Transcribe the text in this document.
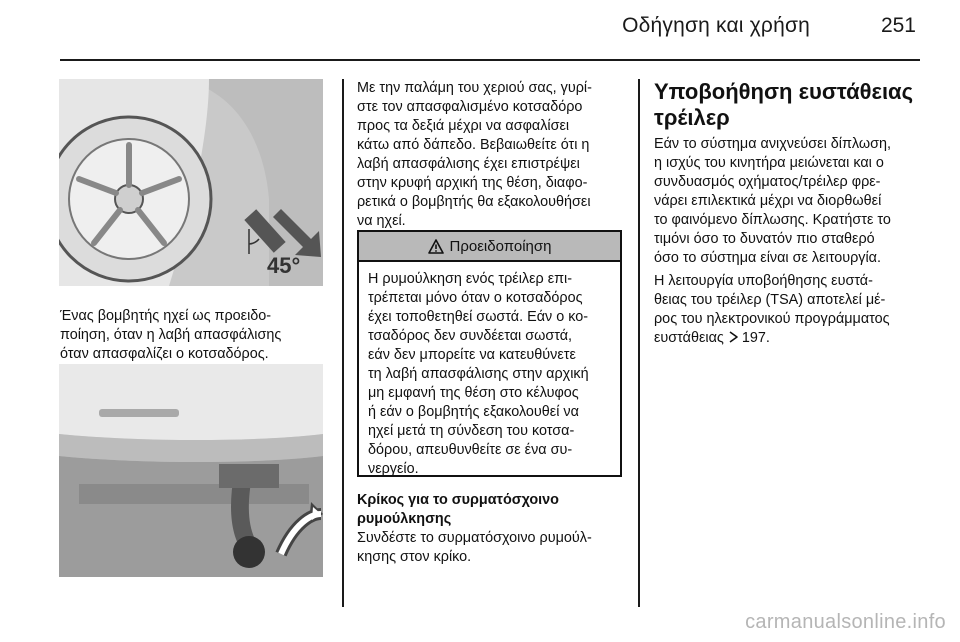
Οδήγηση και χρήση	251
45°
Ένας βομβητής ηχεί ως προειδο-
ποίηση, όταν η λαβή απασφάλισης
όταν απασφαλίζει ο κοτσαδόρος.
Με την παλάμη του χεριού σας, γυρί-
στε τον απασφαλισμένο κοτσαδόρο
προς τα δεξιά μέχρι να ασφαλίσει
κάτω από δάπεδο. Βεβαιωθείτε ότι η
λαβή απασφάλισης έχει επιστρέψει
στην κρυφή αρχική της θέση, διαφο-
ρετικά ο βομβητής θα εξακολουθήσει
να ηχεί.
Προειδοποίηση
Η ρυμούλκηση ενός τρέιλερ επι-
τρέπεται μόνο όταν ο κοτσαδόρος
έχει τοποθετηθεί σωστά. Εάν ο κο-
τσαδόρος δεν συνδέεται σωστά,
εάν δεν μπορείτε να κατευθύνετε
τη λαβή απασφάλισης στην αρχική
μη εμφανή της θέση στο κέλυφος
ή εάν ο βομβητής εξακολουθεί να
ηχεί μετά τη σύνδεση του κοτσα-
δόρου, απευθυνθείτε σε ένα συ-
νεργείο.
Κρίκος για το συρματόσχοινο
ρυμούλκησης
Συνδέστε το συρματόσχοινο ρυμούλ-
κησης στον κρίκο.
Υποβοήθηση ευστάθειας
τρέιλερ
Εάν το σύστημα ανιχνεύσει δίπλωση,
η ισχύς του κινητήρα μειώνεται και ο
συνδυασμός οχήματος/τρέιλερ φρε-
νάρει επιλεκτικά μέχρι να διορθωθεί
το φαινόμενο δίπλωσης. Κρατήστε το
τιμόνι όσο το δυνατόν πιο σταθερό
όσο το σύστημα είναι σε λειτουργία.
Η λειτουργία υποβοήθησης ευστά-
θειας του τρέιλερ (TSA) αποτελεί μέ-
ρος του ηλεκτρονικού προγράμματος
ευστάθειας 197.
carmanualsonline.info
